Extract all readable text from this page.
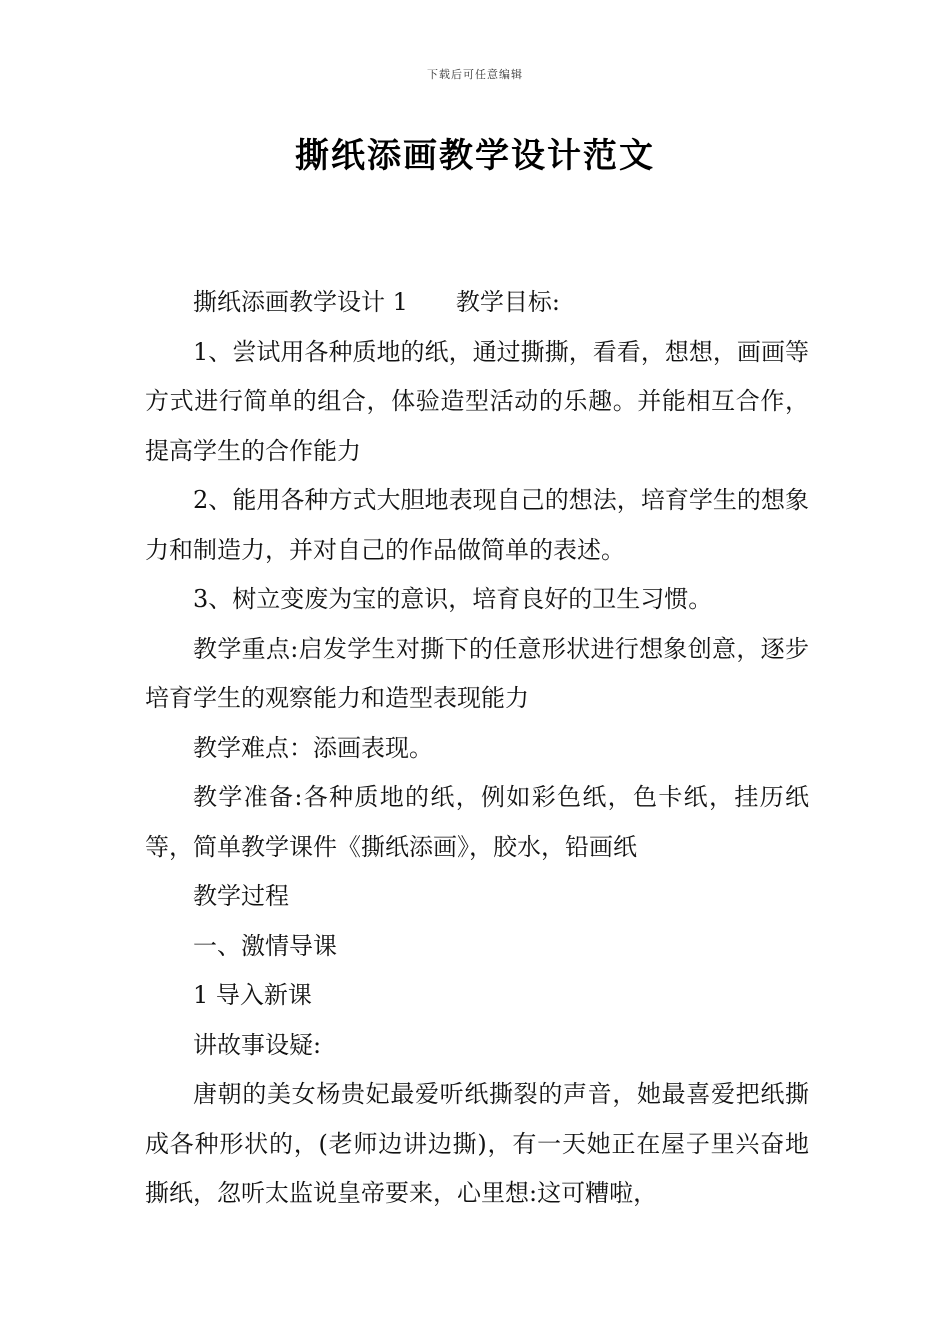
下载后可任意编辑
撕纸添画教学设计范文

撕纸添画教学设计 1　　教学目标:

1、尝试用各种质地的纸，通过撕撕，看看，想想，画画等方式进行简单的组合，体验造型活动的乐趣。并能相互合作，提高学生的合作能力

2、能用各种方式大胆地表现自己的想法，培育学生的想象力和制造力，并对自己的作品做简单的表述。

3、树立变废为宝的意识，培育良好的卫生习惯。

教学重点:启发学生对撕下的任意形状进行想象创意，逐步培育学生的观察能力和造型表现能力

教学难点：添画表现。

教学准备:各种质地的纸，例如彩色纸，色卡纸，挂历纸等，简单教学课件《撕纸添画》，胶水，铅画纸

教学过程

一、激情导课

1 导入新课

讲故事设疑:

唐朝的美女杨贵妃最爱听纸撕裂的声音，她最喜爱把纸撕成各种形状的，(老师边讲边撕)，有一天她正在屋子里兴奋地撕纸，忽听太监说皇帝要来，心里想:这可糟啦，
